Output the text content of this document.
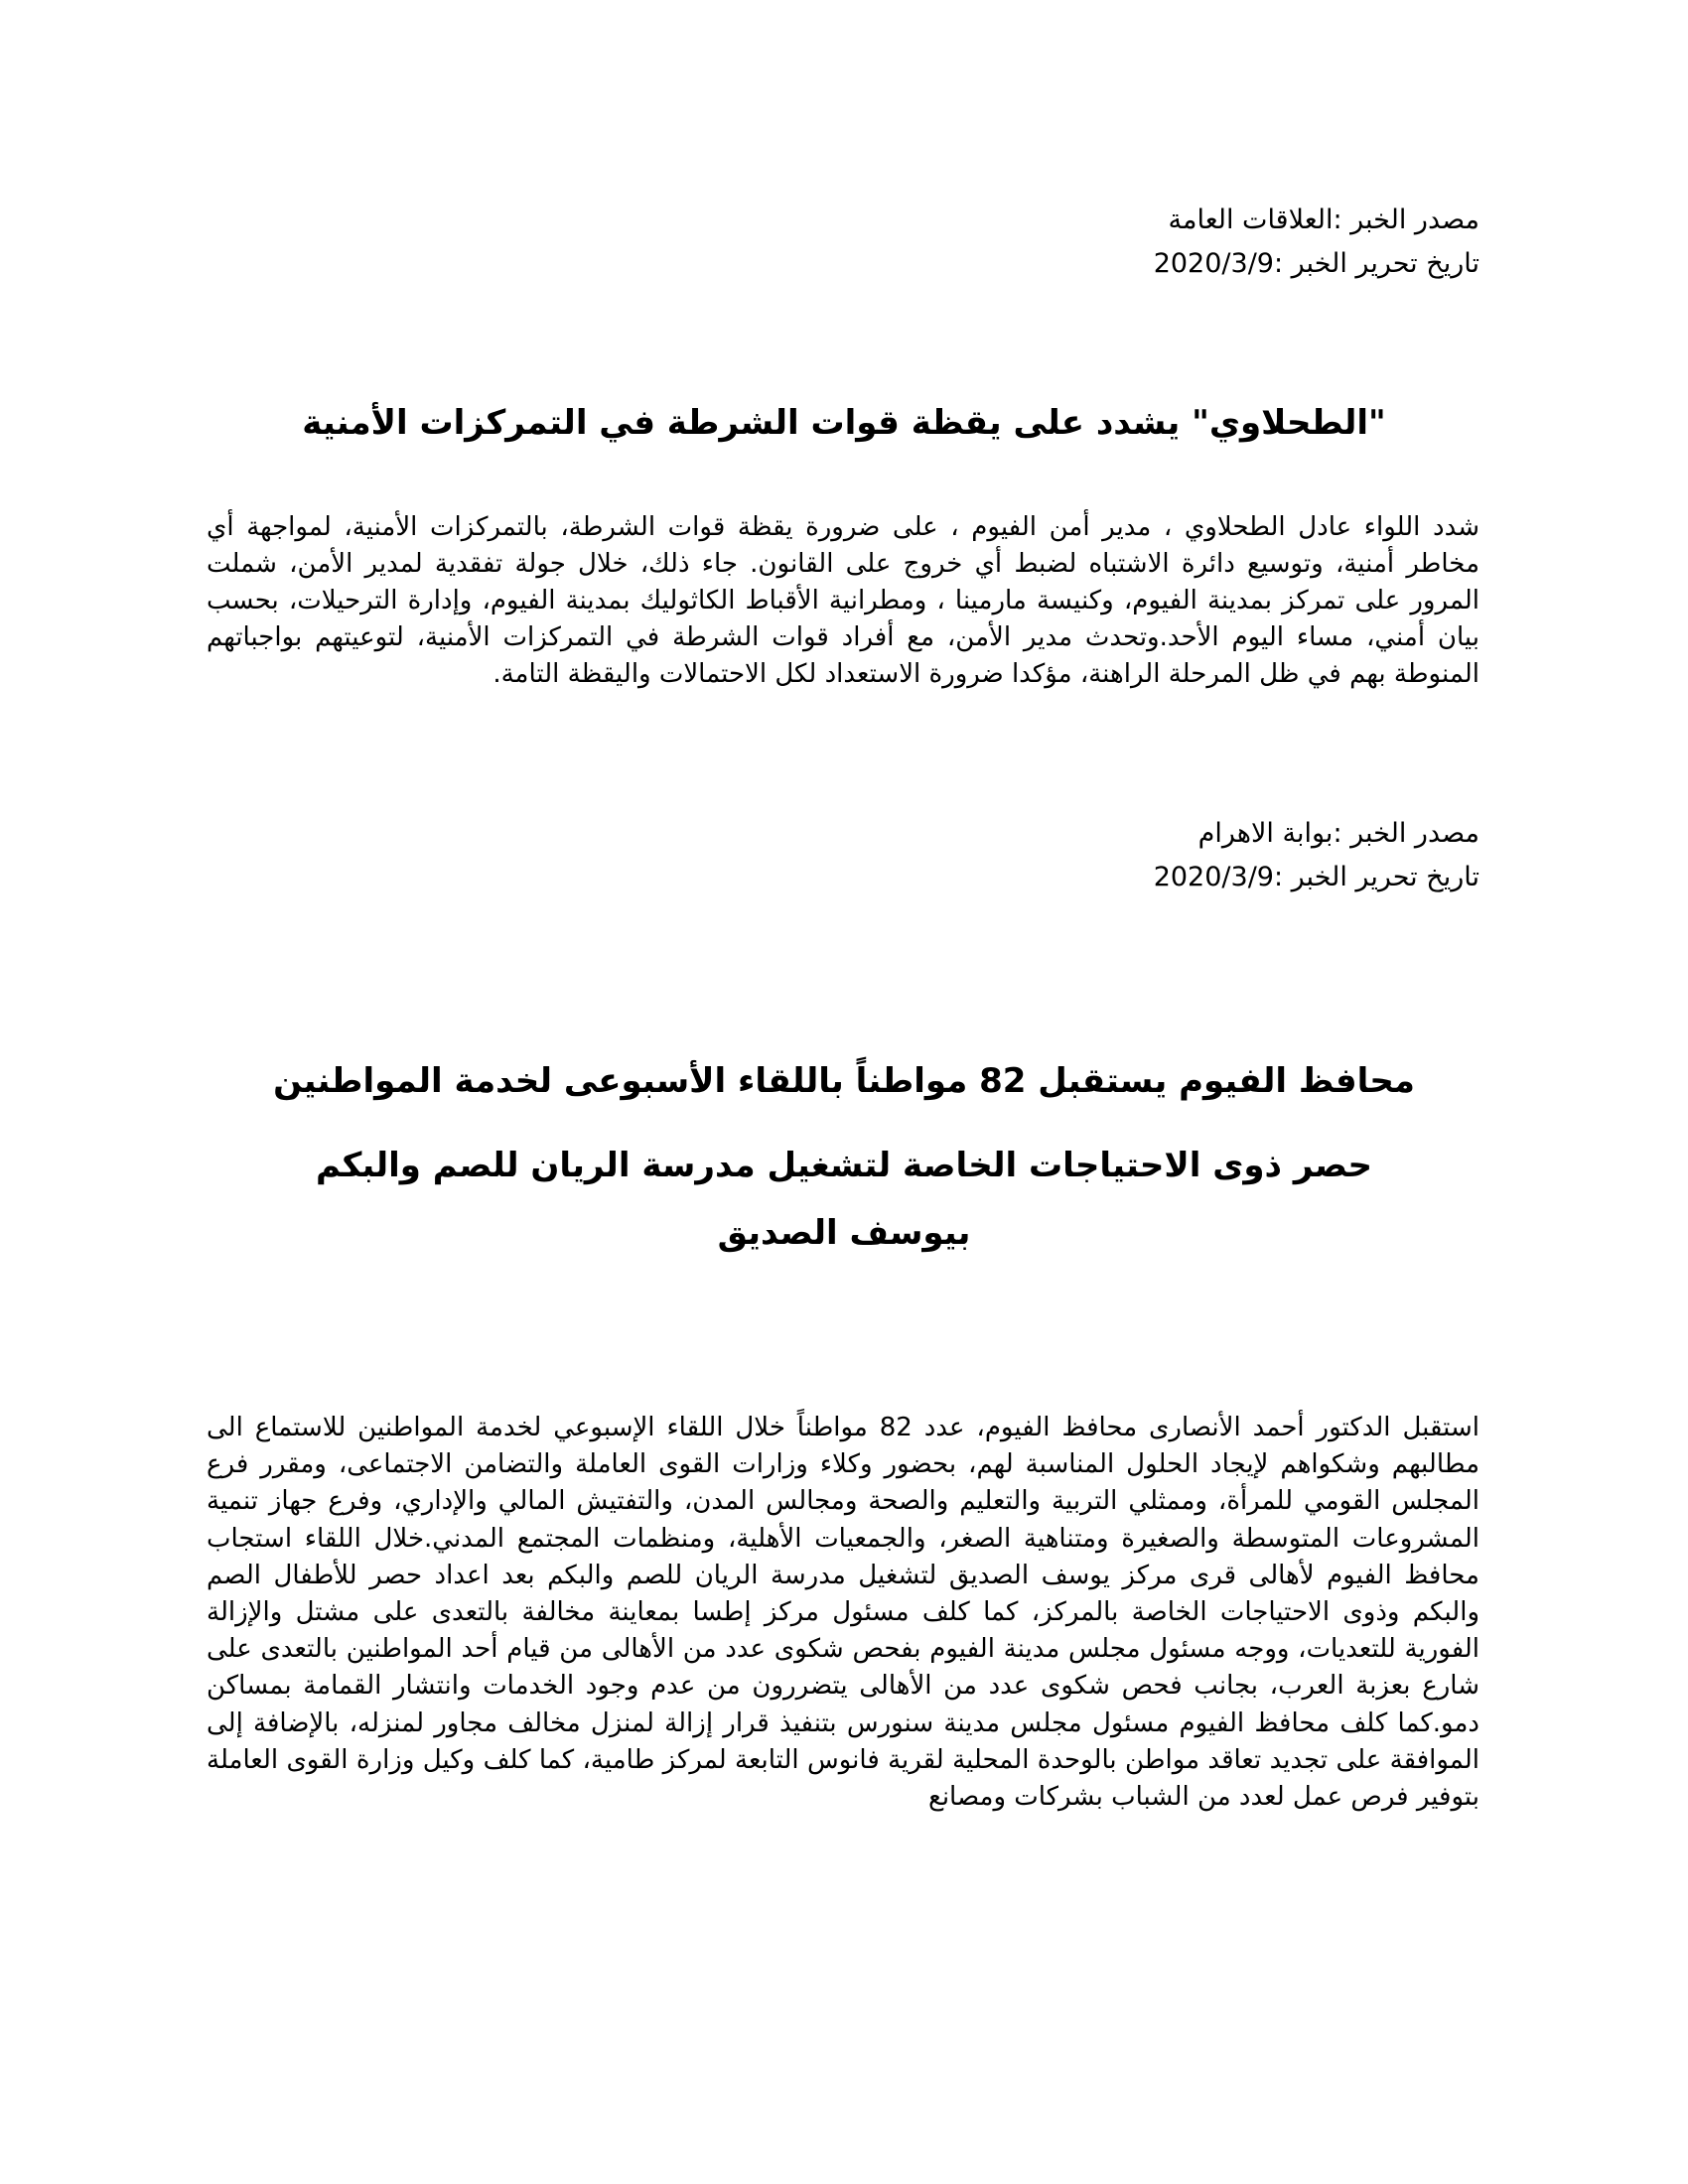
مصدر الخبر :العلاقات العامة
تاريخ تحرير الخبر :2020/3/9
"الطحلاوي" يشدد على يقظة قوات الشرطة في التمركزات الأمنية
شدد اللواء عادل الطحلاوي ، مدير أمن الفيوم ، على ضرورة يقظة قوات الشرطة، بالتمركزات الأمنية، لمواجهة أي مخاطر أمنية، وتوسيع دائرة الاشتباه لضبط أي خروج على القانون. جاء ذلك، خلال جولة تفقدية لمدير الأمن، شملت المرور على تمركز بمدينة الفيوم، وكنيسة مارمينا ، ومطرانية الأقباط الكاثوليك بمدينة الفيوم، وإدارة الترحيلات، بحسب بيان أمني، مساء اليوم الأحد.وتحدث مدير الأمن، مع أفراد قوات الشرطة في التمركزات الأمنية، لتوعيتهم بواجباتهم المنوطة بهم في ظل المرحلة الراهنة، مؤكدا ضرورة الاستعداد لكل الاحتمالات واليقظة التامة.
مصدر الخبر :بوابة الاهرام
تاريخ تحرير الخبر :2020/3/9
محافظ الفيوم يستقبل 82 مواطناً باللقاء الأسبوعى لخدمة المواطنين
حصر ذوى الاحتياجات الخاصة لتشغيل مدرسة الريان للصم والبكم بيوسف الصديق
استقبل الدكتور أحمد الأنصارى محافظ الفيوم، عدد 82 مواطناً خلال اللقاء الإسبوعي لخدمة المواطنين للاستماع الى مطالبهم وشكواهم لإيجاد الحلول المناسبة لهم، بحضور وكلاء وزارات القوى العاملة والتضامن الاجتماعى، ومقرر فرع المجلس القومي للمرأة، وممثلي التربية والتعليم والصحة ومجالس المدن، والتفتيش المالي والإداري، وفرع جهاز تنمية المشروعات المتوسطة والصغيرة ومتناهية الصغر، والجمعيات الأهلية، ومنظمات المجتمع المدني.خلال اللقاء استجاب محافظ الفيوم لأهالى قرى مركز يوسف الصديق لتشغيل مدرسة الريان للصم والبكم بعد اعداد حصر للأطفال الصم والبكم وذوى الاحتياجات الخاصة بالمركز، كما كلف مسئول مركز إطسا بمعاينة مخالفة بالتعدى على مشتل والإزالة الفورية للتعديات، ووجه مسئول مجلس مدينة الفيوم بفحص شكوى عدد من الأهالى من قيام أحد المواطنين بالتعدى على شارع بعزبة العرب، بجانب فحص شكوى عدد من الأهالى يتضررون من عدم وجود الخدمات وانتشار القمامة بمساكن دمو.كما كلف محافظ الفيوم مسئول مجلس مدينة سنورس بتنفيذ قرار إزالة لمنزل مخالف مجاور لمنزله، بالإضافة إلى الموافقة على تجديد تعاقد مواطن بالوحدة المحلية لقرية فانوس التابعة لمركز طامية، كما كلف وكيل وزارة القوى العاملة بتوفير فرص عمل لعدد من الشباب بشركات ومصانع
